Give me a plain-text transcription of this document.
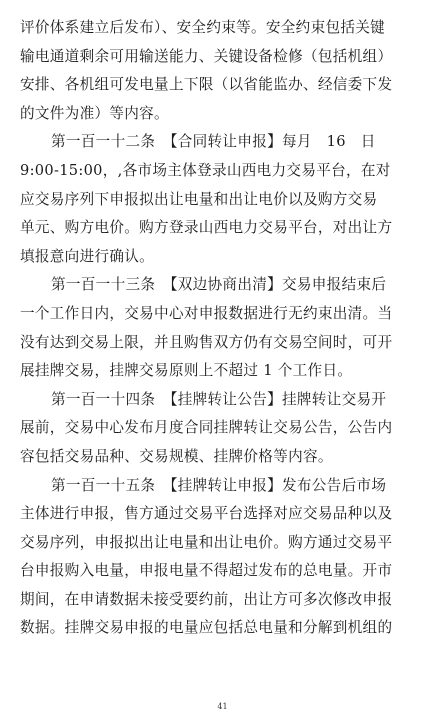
评价体系建立后发布）、安全约束等。安全约束包括关键
输电通道剩余可用输送能力、关键设备检修（包括机组）
安排、各机组可发电量上下限（以省能监办、经信委下发
的文件为准）等内容。
第一百一十二条　【合同转让申报】每月　16　日
9:00-15:00，,各市场主体登录山西电力交易平台，在对
应交易序列下申报拟出让电量和出让电价以及购方交易
单元、购方电价。购方登录山西电力交易平台，对出让方
填报意向进行确认。
第一百一十三条　【双边协商出清】交易申报结束后
一个工作日内，交易中心对申报数据进行无约束出清。当
没有达到交易上限，并且购售双方仍有交易空间时，可开
展挂牌交易，挂牌交易原则上不超过 1 个工作日。
第一百一十四条　【挂牌转让公告】挂牌转让交易开
展前，交易中心发布月度合同挂牌转让交易公告，公告内
容包括交易品种、交易规模、挂牌价格等内容。
第一百一十五条　【挂牌转让申报】发布公告后市场
主体进行申报，售方通过交易平台选择对应交易品种以及
交易序列，申报拟出让电量和出让电价。购方通过交易平
台申报购入电量，申报电量不得超过发布的总电量。开市
期间，在申请数据未接受要约前，出让方可多次修改申报
数据。挂牌交易申报的电量应包括总电量和分解到机组的
41
